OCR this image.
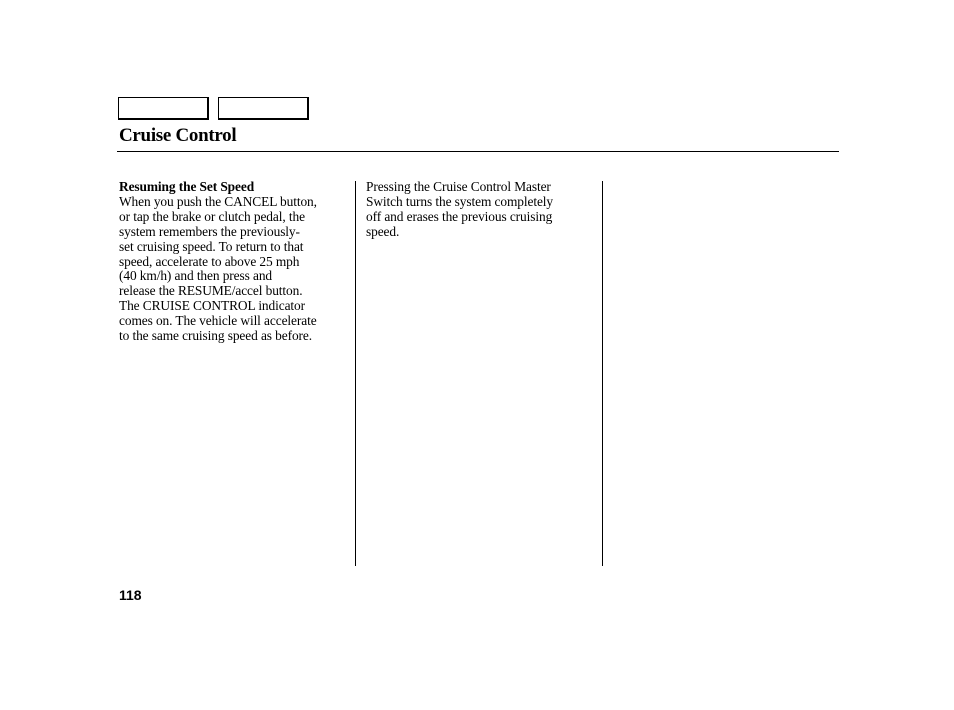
Cruise Control
Resuming the Set Speed

When you push the CANCEL button,
or tap the brake or clutch pedal, the
system remembers the previously-
set cruising speed. To return to that
speed, accelerate to above 25 mph
(40 km/h) and then press and
release the RESUME/accel button.
The CRUISE CONTROL indicator
comes on. The vehicle will accelerate
to the same cruising speed as before.

Pressing the Cruise Control Master
Switch turns the system completely
off and erases the previous cruising
speed.

118
